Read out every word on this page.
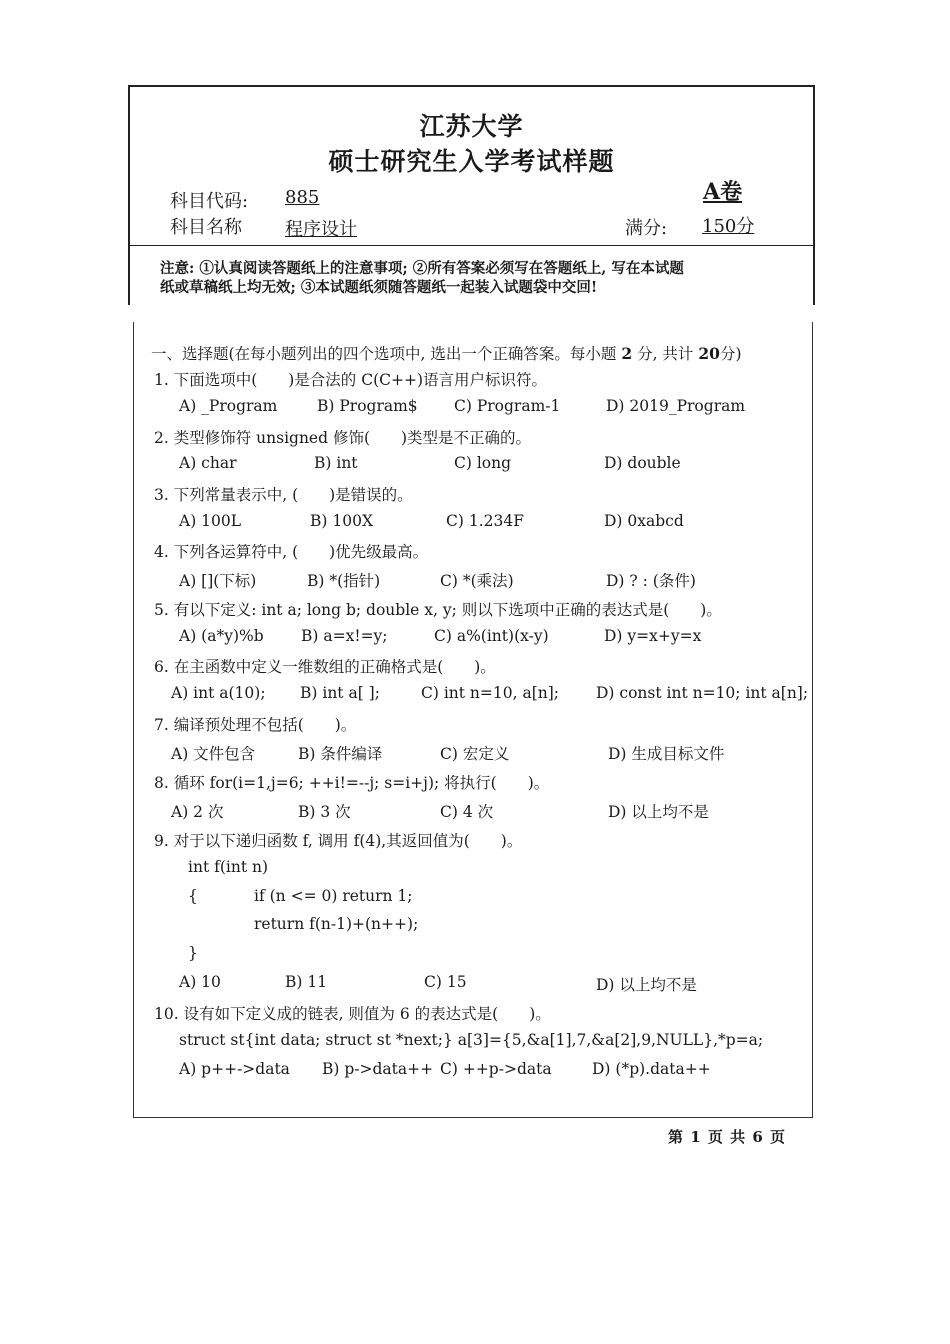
江苏大学
硕士研究生入学考试样题
科目代码: 885	A卷
科目名称 程序设计	满分: 150分
注意: ①认真阅读答题纸上的注意事项; ②所有答案必须写在答题纸上, 写在本试题
纸或草稿纸上均无效; ③本试题纸须随答题纸一起装入试题袋中交回!
一、选择题(在每小题列出的四个选项中, 选出一个正确答案。每小题 2 分, 共计 20分)
1. 下面选项中(　　)是合法的 C(C++)语言用户标识符。
A) _Program	B) Program$ C) Program-1	D) 2019_Program
2. 类型修饰符 unsigned 修饰(　　)类型是不正确的。
A) char	B) int	C) long	D) double
3. 下列常量表示中, (　　)是错误的。
A) 100L	B) 100X	C) 1.234F	D) 0xabcd
4. 下列各运算符中, (　　)优先级最高。
A) [](下标)	B) *(指针)	C) *(乘法)	D) ? : (条件)
5. 有以下定义: int a; long b; double x, y; 则以下选项中正确的表达式是(　　)。
A) (a*y)%b B) a=x!=y;	C) a%(int)(x-y)	D) y=x+y=x
6. 在主函数中定义一维数组的正确格式是(　　)。
A) int a(10); B) int a[ ];	C) int n=10, a[n]; D) const int n=10; int a[n];
7. 编译预处理不包括(　　)。
A) 文件包含	B) 条件编译	C) 宏定义	D) 生成目标文件
8. 循环 for(i=1,j=6; ++i!=--j; s=i+j); 将执行(　　)。
A) 2 次	B) 3 次	C) 4 次	D) 以上均不是
9. 对于以下递归函数 f, 调用 f(4),其返回值为(　　)。
int f(int n)
{	if (n <= 0) return 1;
return f(n-1)+(n++);
}
A) 10	B) 11	C) 15	D) 以上均不是
10. 设有如下定义成的链表, 则值为 6 的表达式是(　　)。
struct st{int data; struct st *next;} a[3]={5,&a[1],7,&a[2],9,NULL},*p=a;
A) p++->data B) p->data++ C) ++p->data	D) (*p).data++
第 1 页 共 6 页
